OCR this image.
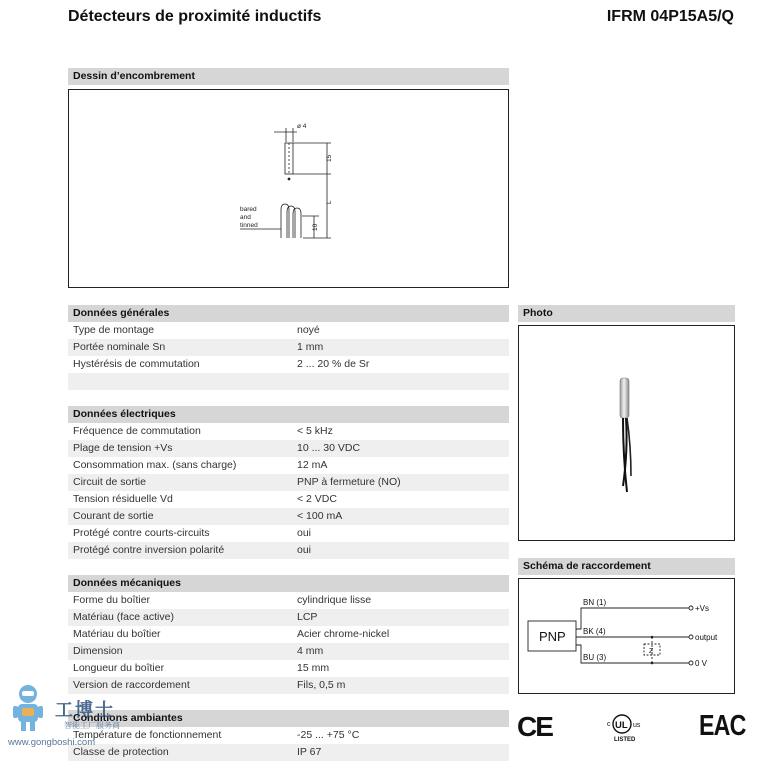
Détecteurs de proximité inductifs	IFRM 04P15A5/Q
Dessin d’encombrement
ø 4
15
L
10
bared
and
tinned
Données générales
Type de montage	noyé
Portée nominale Sn	1 mm
Hystérésis de commutation	2 ... 20 % de Sr
Données électriques
Fréquence de commutation	< 5 kHz
Plage de tension +Vs	10 ... 30 VDC
Consommation max. (sans charge)	12 mA
Circuit de sortie	PNP à fermeture (NO)
Tension résiduelle Vd	< 2 VDC
Courant de sortie	< 100 mA
Protégé contre courts-circuits	oui
Protégé contre inversion polarité	oui
Données mécaniques
Forme du boîtier	cylindrique lisse
Matériau (face active)	LCP
Matériau du boîtier	Acier chrome-nickel
Dimension	4 mm
Longueur du boîtier	15 mm
Version de raccordement	Fils, 0,5 m
Conditions ambiantes
Température de fonctionnement	-25 ... +75 °C
Classe de protection	IP 67
Photo
Schéma de raccordement
PNP
BN (1)
BK (4)
BU (3)
+Vs
output
0 V
Z
CE	c UL us
LISTED EAC
工博士
智能工厂服务商
www.gongboshi.com
